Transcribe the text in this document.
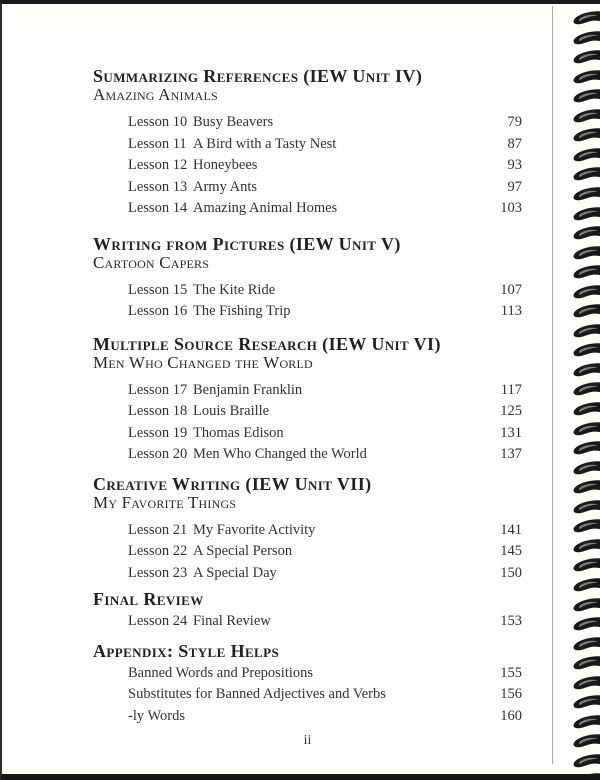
Summarizing References (IEW Unit IV)
Amazing Animals
Lesson 10 Busy Beavers	79
Lesson 11 A Bird with a Tasty Nest	87
Lesson 12 Honeybees	93
Lesson 13 Army Ants	97
Lesson 14 Amazing Animal Homes	103
Writing from Pictures (IEW Unit V)
Cartoon Capers
Lesson 15 The Kite Ride	107
Lesson 16 The Fishing Trip	113
Multiple Source Research (IEW Unit VI)
Men Who Changed the World
Lesson 17 Benjamin Franklin	117
Lesson 18 Louis Braille	125
Lesson 19 Thomas Edison	131
Lesson 20 Men Who Changed the World	137
Creative Writing (IEW Unit VII)
My Favorite Things
Lesson 21 My Favorite Activity	141
Lesson 22 A Special Person	145
Lesson 23 A Special Day	150
Final Review
Lesson 24 Final Review	153
Appendix: Style Helps
Banned Words and Prepositions	155
Substitutes for Banned Adjectives and Verbs	156
-ly Words	160
ii
